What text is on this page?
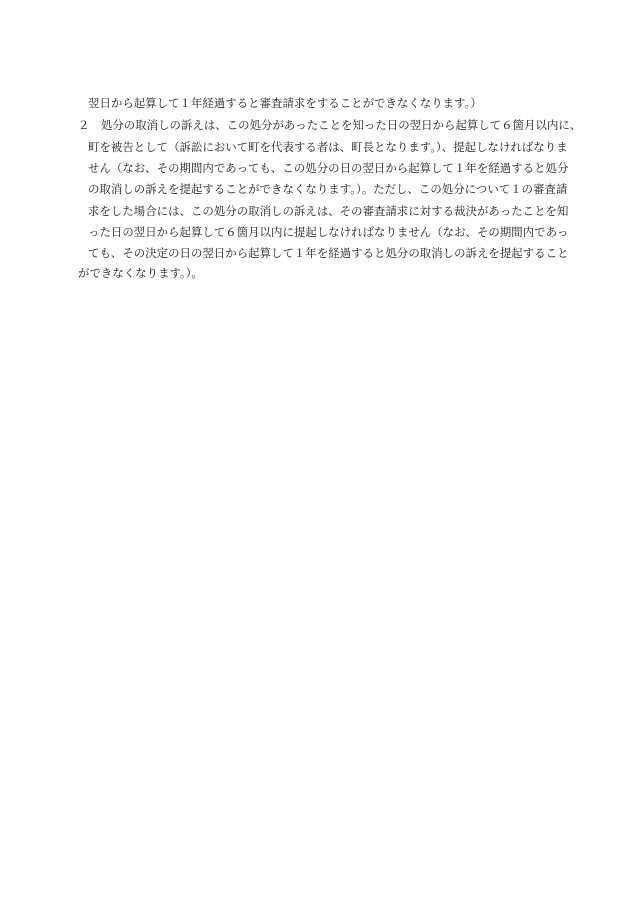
翌日から起算して１年経過すると審査請求をすることができなくなります。）
２　処分の取消しの訴えは、この処分があったことを知った日の翌日から起算して６箇月以内に、
町を被告として（訴訟において町を代表する者は、町長となります。）、提起しなければなりま
せん（なお、その期間内であっても、この処分の日の翌日から起算して１年を経過すると処分
の取消しの訴えを提起することができなくなります。）。ただし、この処分について１の審査請
求をした場合には、この処分の取消しの訴えは、その審査請求に対する裁決があったことを知
った日の翌日から起算して６箇月以内に提起しなければなりません（なお、その期間内であっ
ても、その決定の日の翌日から起算して１年を経過すると処分の取消しの訴えを提起すること
ができなくなります。）。
